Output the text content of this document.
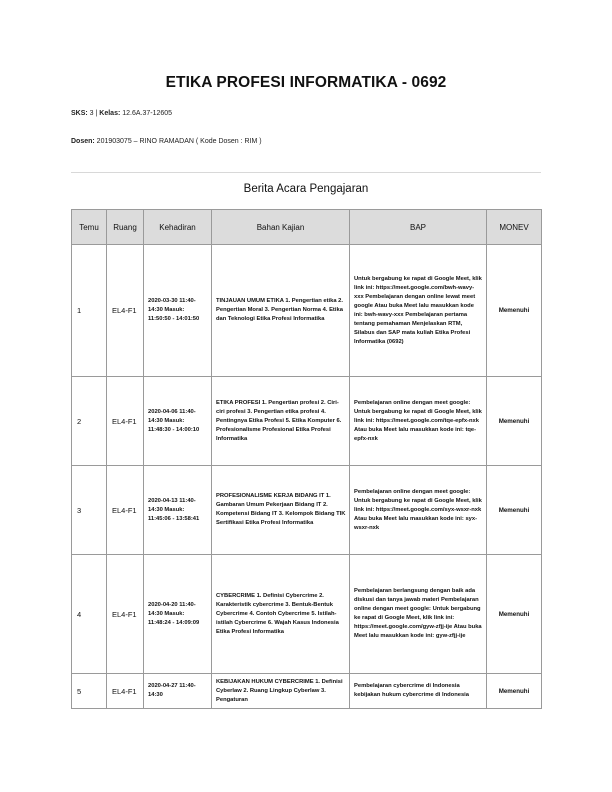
ETIKA PROFESI INFORMATIKA - 0692
SKS: 3 | Kelas: 12.6A.37-12605
Dosen: 201903075 – RINO RAMADAN ( Kode Dosen : RIM )
Berita Acara Pengajaran
Temu	Ruang	Kehadiran	Bahan Kajian	BAP	MONEV
1	EL4-F1	2020-03-30 11:40-14:30 Masuk: 11:50:50 - 14:01:50	TINJAUAN UMUM ETIKA 1. Pengertian etika 2. Pengertian Moral 3. Pengertian Norma 4. Etika dan Teknologi Etika Profesi Informatika	Untuk bergabung ke rapat di Google Meet, klik link ini: https://meet.google.com/bwh-wavy-xxx Pembelajaran dengan online lewat meet google Atau buka Meet lalu masukkan kode ini: bwh-wavy-xxx Pembelajaran pertama tentang pemahaman Menjelaskan RTM, Silabus dan SAP mata kuliah Etika Profesi Informatika (0692)	Memenuhi
2	EL4-F1	2020-04-06 11:40-14:30 Masuk: 11:48:30 - 14:00:10	ETIKA PROFESI 1. Pengertian profesi 2. Ciri-ciri profesi 3. Pengertian etika profesi 4. Pentingnya Etika Profesi 5. Etika Komputer 6. Profesionalisme Profesional Etika Profesi Informatika	Pembelajaran online dengan meet google: Untuk bergabung ke rapat di Google Meet, klik link ini: https://meet.google.com/tqe-epfx-nxk Atau buka Meet lalu masukkan kode ini: tqe-epfx-nxk	Memenuhi
3	EL4-F1	2020-04-13 11:40-14:30 Masuk: 11:45:06 - 13:58:41	PROFESIONALISME KERJA BIDANG IT 1. Gambaran Umum Pekerjaan Bidang IT 2. Kompetensi Bidang IT 3. Kelompok Bidang TIK Sertifikasi Etika Profesi Informatika	Pembelajaran online dengan meet google: Untuk bergabung ke rapat di Google Meet, klik link ini: https://meet.google.com/syx-wsxr-nxk Atau buka Meet lalu masukkan kode ini: syx-wsxr-nxk	Memenuhi
4	EL4-F1	2020-04-20 11:40-14:30 Masuk: 11:48:24 - 14:09:09	CYBERCRIME 1. Definisi Cybercrime 2. Karakteristik cybercrime 3. Bentuk-Bentuk Cybercrime 4. Contoh Cybercrime 5. Istilah-istilah Cybercrime 6. Wajah Kasus Indonesia Etika Profesi Informatika	Pembelajaran berlangsung dengan baik ada diskusi dan tanya jawab materi Pembelajaran online dengan meet google: Untuk bergabung ke rapat di Google Meet, klik link ini: https://meet.google.com/gyw-zfjj-ije Atau buka Meet lalu masukkan kode ini: gyw-zfjj-ije	Memenuhi
5	EL4-F1	2020-04-27 11:40-14:30	KEBIJAKAN HUKUM CYBERCRIME 1. Definisi Cyberlaw 2. Ruang Lingkup Cyberlaw 3. Pengaturan	Pembelajaran cybercrime di Indonesia kebijakan hukum cybercrime di Indonesia	Memenuhi
